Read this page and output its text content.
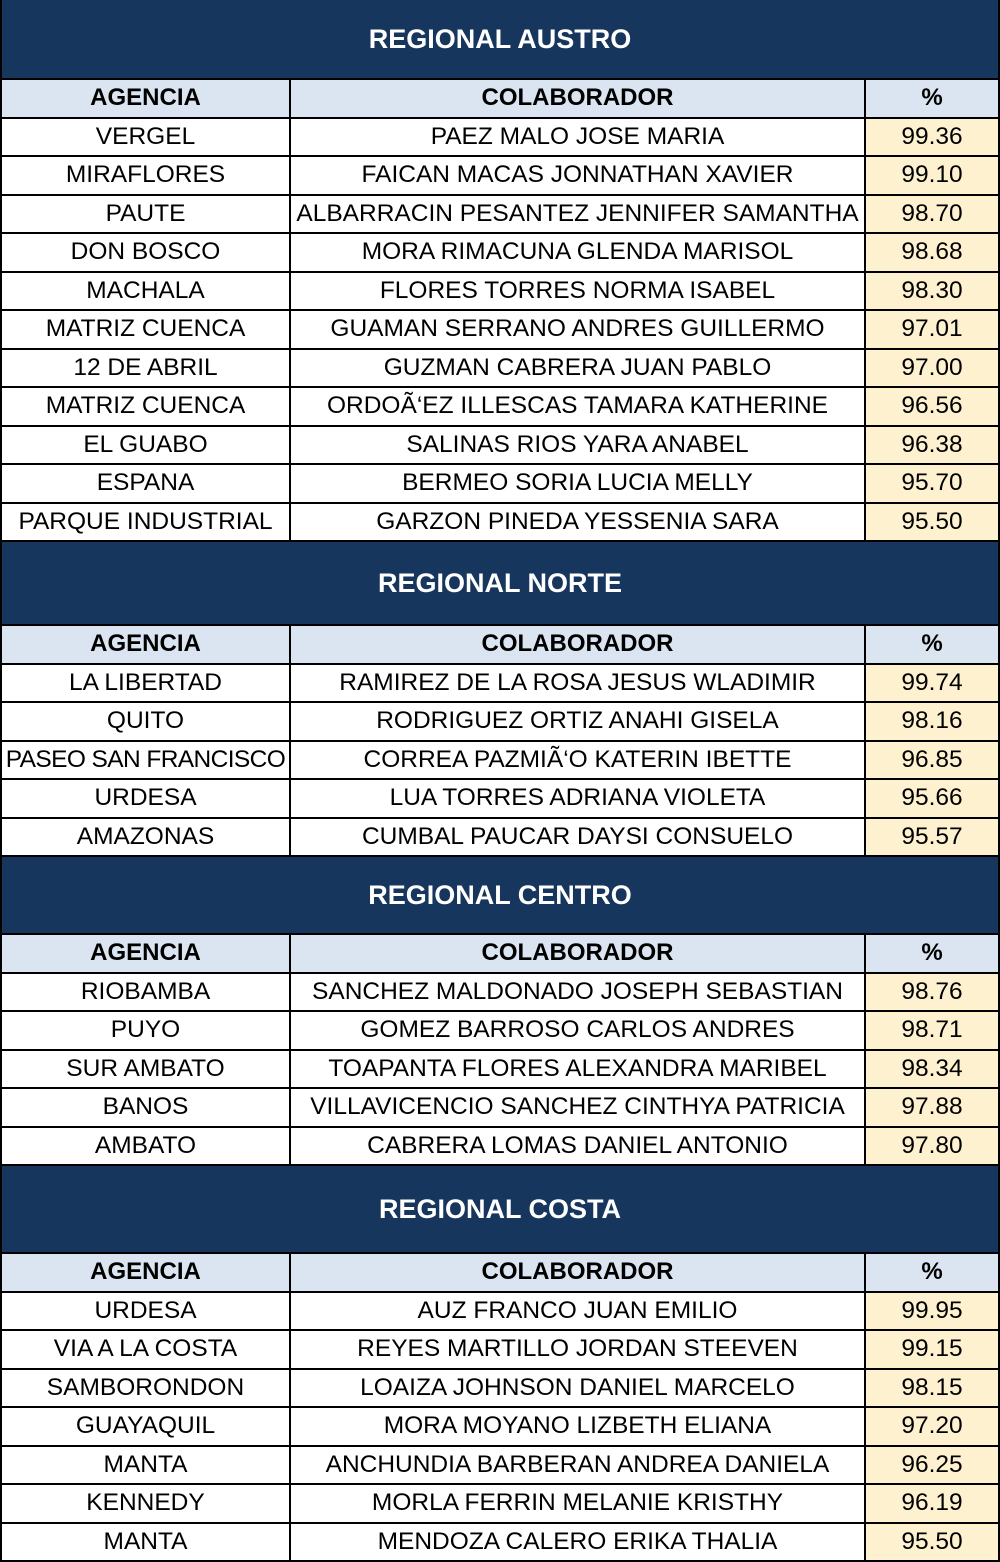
REGIONAL AUSTRO
AGENCIA	COLABORADOR	%
VERGEL	PAEZ MALO JOSE MARIA	99.36
MIRAFLORES	FAICAN MACAS JONNATHAN XAVIER	99.10
PAUTE	ALBARRACIN PESANTEZ JENNIFER SAMANTHA	98.70
DON BOSCO	MORA RIMACUNA GLENDA MARISOL	98.68
MACHALA	FLORES TORRES NORMA ISABEL	98.30
MATRIZ CUENCA	GUAMAN SERRANO ANDRES GUILLERMO	97.01
12 DE ABRIL	GUZMAN CABRERA JUAN PABLO	97.00
MATRIZ CUENCA	ORDOÃ‘EZ ILLESCAS TAMARA KATHERINE	96.56
EL GUABO	SALINAS RIOS YARA ANABEL	96.38
ESPANA	BERMEO SORIA LUCIA MELLY	95.70
PARQUE INDUSTRIAL	GARZON PINEDA YESSENIA SARA	95.50
REGIONAL NORTE
AGENCIA	COLABORADOR	%
LA LIBERTAD	RAMIREZ DE LA ROSA JESUS WLADIMIR	99.74
QUITO	RODRIGUEZ ORTIZ ANAHI GISELA	98.16
PASEO SAN FRANCISCO	CORREA PAZMIÃ‘O KATERIN IBETTE	96.85
URDESA	LUA TORRES ADRIANA VIOLETA	95.66
AMAZONAS	CUMBAL PAUCAR DAYSI CONSUELO	95.57
REGIONAL CENTRO
AGENCIA	COLABORADOR	%
RIOBAMBA	SANCHEZ MALDONADO JOSEPH SEBASTIAN	98.76
PUYO	GOMEZ BARROSO CARLOS ANDRES	98.71
SUR AMBATO	TOAPANTA FLORES ALEXANDRA MARIBEL	98.34
BANOS	VILLAVICENCIO SANCHEZ CINTHYA PATRICIA	97.88
AMBATO	CABRERA LOMAS DANIEL ANTONIO	97.80
REGIONAL COSTA
AGENCIA	COLABORADOR	%
URDESA	AUZ FRANCO JUAN EMILIO	99.95
VIA A LA COSTA	REYES MARTILLO JORDAN STEEVEN	99.15
SAMBORONDON	LOAIZA JOHNSON DANIEL MARCELO	98.15
GUAYAQUIL	MORA MOYANO LIZBETH ELIANA	97.20
MANTA	ANCHUNDIA BARBERAN ANDREA DANIELA	96.25
KENNEDY	MORLA FERRIN MELANIE KRISTHY	96.19
MANTA	MENDOZA CALERO ERIKA THALIA	95.50
